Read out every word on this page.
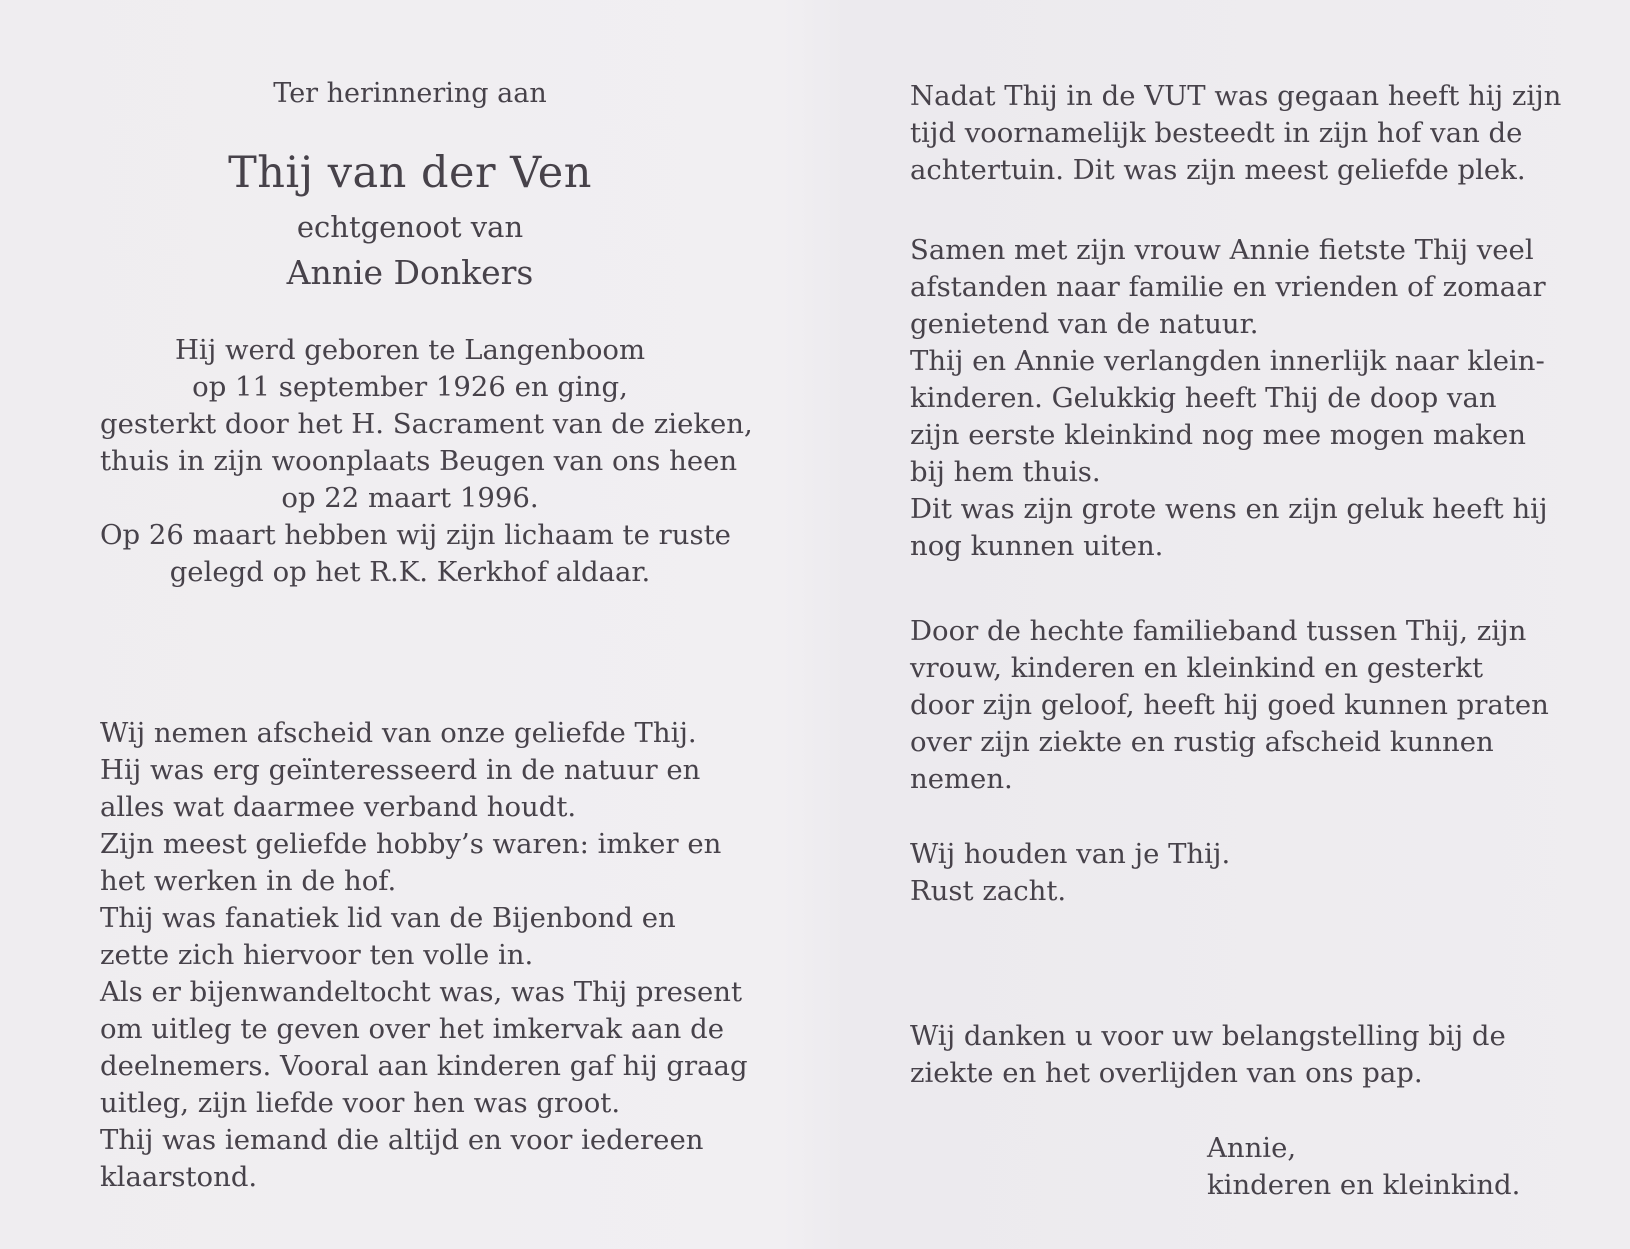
Ter herinnering aan
Thij van der Ven
echtgenoot van
Annie Donkers
Hij werd geboren te Langenboom
op 11 september 1926 en ging,
gesterkt door het H. Sacrament van de zieken,
thuis in zijn woonplaats Beugen van ons heen
op 22 maart 1996.
Op 26 maart hebben wij zijn lichaam te ruste
gelegd op het R.K. Kerkhof aldaar.
Wij nemen afscheid van onze geliefde Thij.
Hij was erg geïnteresseerd in de natuur en
alles wat daarmee verband houdt.
Zijn meest geliefde hobby’s waren: imker en
het werken in de hof.
Thij was fanatiek lid van de Bijenbond en
zette zich hiervoor ten volle in.
Als er bijenwandeltocht was, was Thij present
om uitleg te geven over het imkervak aan de
deelnemers. Vooral aan kinderen gaf hij graag
uitleg, zijn liefde voor hen was groot.
Thij was iemand die altijd en voor iedereen
klaarstond.
Nadat Thij in de VUT was gegaan heeft hij zijn
tijd voornamelijk besteedt in zijn hof van de
achtertuin. Dit was zijn meest geliefde plek.
Samen met zijn vrouw Annie fietste Thij veel
afstanden naar familie en vrienden of zomaar
genietend van de natuur.
Thij en Annie verlangden innerlijk naar klein-
kinderen. Gelukkig heeft Thij de doop van
zijn eerste kleinkind nog mee mogen maken
bij hem thuis.
Dit was zijn grote wens en zijn geluk heeft hij
nog kunnen uiten.
Door de hechte familieband tussen Thij, zijn
vrouw, kinderen en kleinkind en gesterkt
door zijn geloof, heeft hij goed kunnen praten
over zijn ziekte en rustig afscheid kunnen
nemen.
Wij houden van je Thij.
Rust zacht.
Wij danken u voor uw belangstelling bij de
ziekte en het overlijden van ons pap.
Annie,
kinderen en kleinkind.
